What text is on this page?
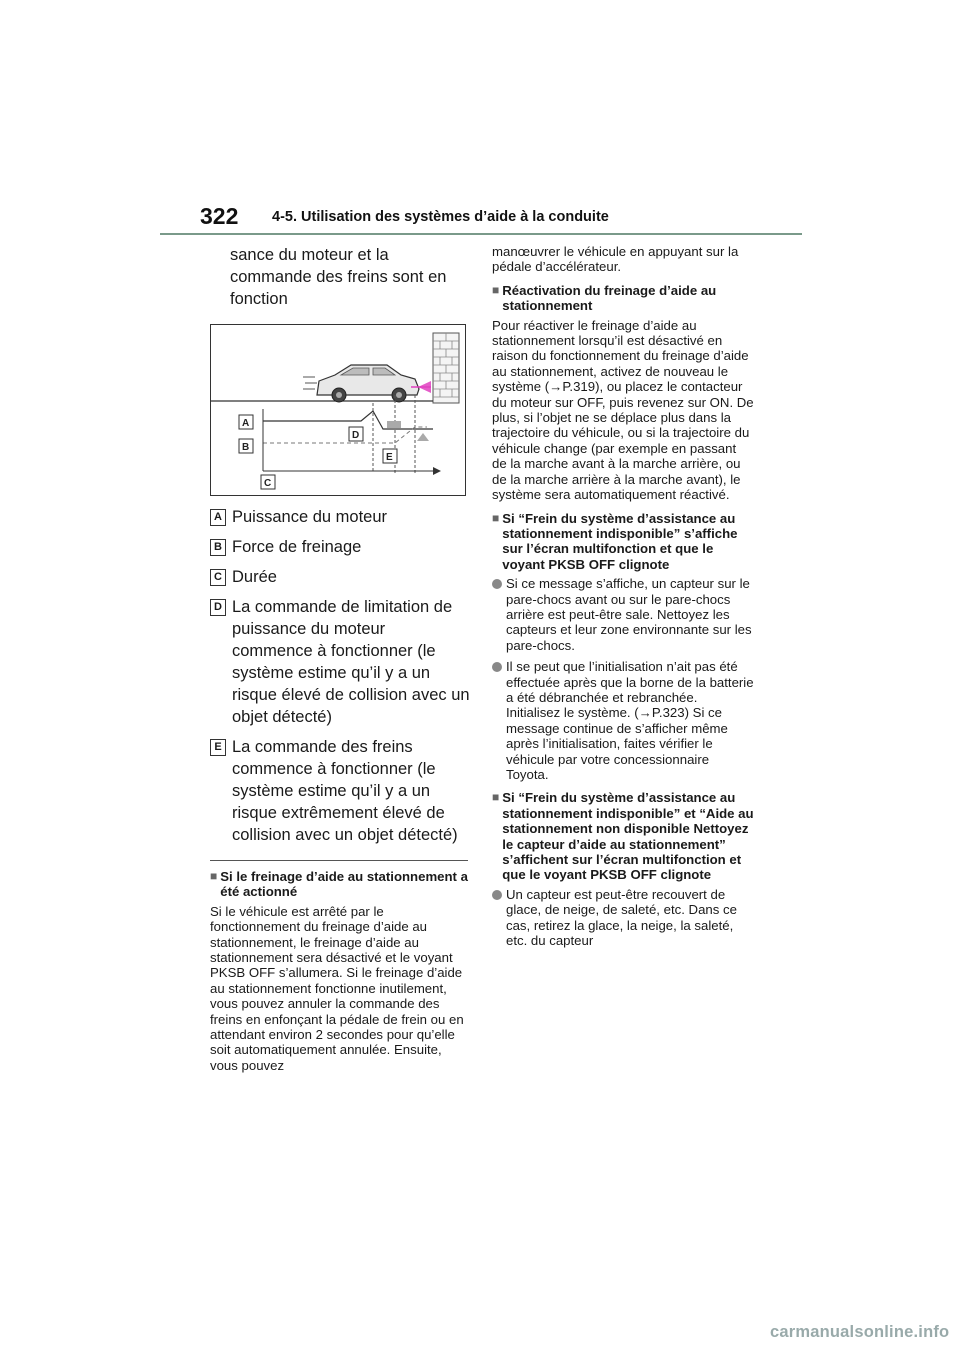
322 4-5. Utilisation des systèmes d’aide à la conduite

sance du moteur et la commande des freins sont en fonction

A
B
C
D
E
A Puissance du moteur
B Force de freinage
C Durée
D La commande de limitation de puissance du moteur commence à fonctionner (le système estime qu’il y a un risque élevé de collision avec un objet détecté)
E La commande des freins commence à fonctionner (le système estime qu’il y a un risque extrêmement élevé de collision avec un objet détecté)
■ Si le freinage d’aide au stationnement a été actionné

Si le véhicule est arrêté par le fonctionnement du freinage d’aide au stationnement, le freinage d’aide au stationnement sera désactivé et le voyant PKSB OFF s’allumera. Si le freinage d’aide au stationnement fonctionne inutilement, vous pouvez annuler la commande des freins en enfonçant la pédale de frein ou en attendant environ 2 secondes pour qu’elle soit automatiquement annulée. Ensuite, vous pouvez

manœuvrer le véhicule en appuyant sur la pédale d’accélérateur.

■ Réactivation du freinage d’aide au stationnement

Pour réactiver le freinage d’aide au stationnement lorsqu’il est désactivé en raison du fonctionnement du freinage d’aide au stationnement, activez de nouveau le système (→P.319), ou placez le contacteur du moteur sur OFF, puis revenez sur ON. De plus, si l’objet ne se déplace plus dans la trajectoire du véhicule, ou si la trajectoire du véhicule change (par exemple en passant de la marche avant à la marche arrière, ou de la marche arrière à la marche avant), le système sera automatiquement réactivé.

■ Si “Frein du système d’assistance au stationnement indisponible” s’affiche sur l’écran multifonction et que le voyant PKSB OFF clignote
Si ce message s’affiche, un capteur sur le pare-chocs avant ou sur le pare-chocs arrière est peut-être sale. Nettoyez les capteurs et leur zone environnante sur les pare-chocs.
Il se peut que l’initialisation n’ait pas été effectuée après que la borne de la batterie a été débranchée et rebranchée. Initialisez le système. (→P.323) Si ce message continue de s’afficher même après l’initialisation, faites vérifier le véhicule par votre concessionnaire Toyota.
■ Si “Frein du système d’assistance au stationnement indisponible” et “Aide au stationnement non disponible Nettoyez le capteur d’aide au stationnement” s’affichent sur l’écran multifonction et que le voyant PKSB OFF clignote
Un capteur est peut-être recouvert de glace, de neige, de saleté, etc. Dans ce cas, retirez la glace, la neige, la saleté, etc. du capteur
carmanualsonline.info
